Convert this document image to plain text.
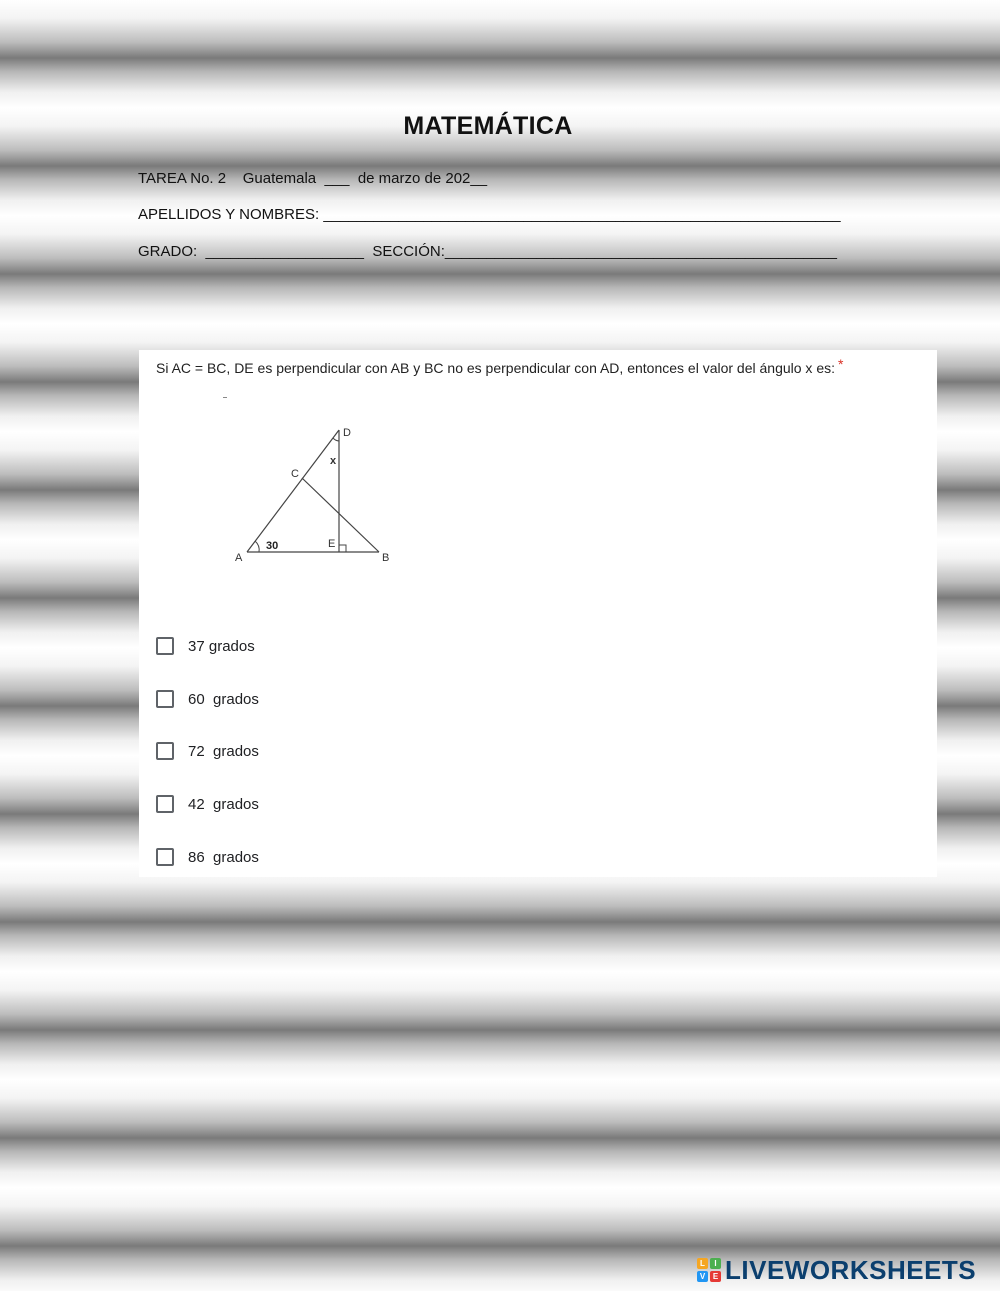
MATEMÁTICA

TAREA No. 2    Guatemala  ___  de marzo de 202__

APELLIDOS Y NOMBRES: ______________________________________________________________

GRADO:  ___________________  SECCIÓN:_______________________________________________

Si AC = BC, DE es perpendicular con AB y BC no es perpendicular con AD, entonces el valor del ángulo x es: *
A	B
C
D
E
x
30
37 grados
60  grados
72  grados
42  grados
86  grados
L	I
V E LIVEWORKSHEETS
